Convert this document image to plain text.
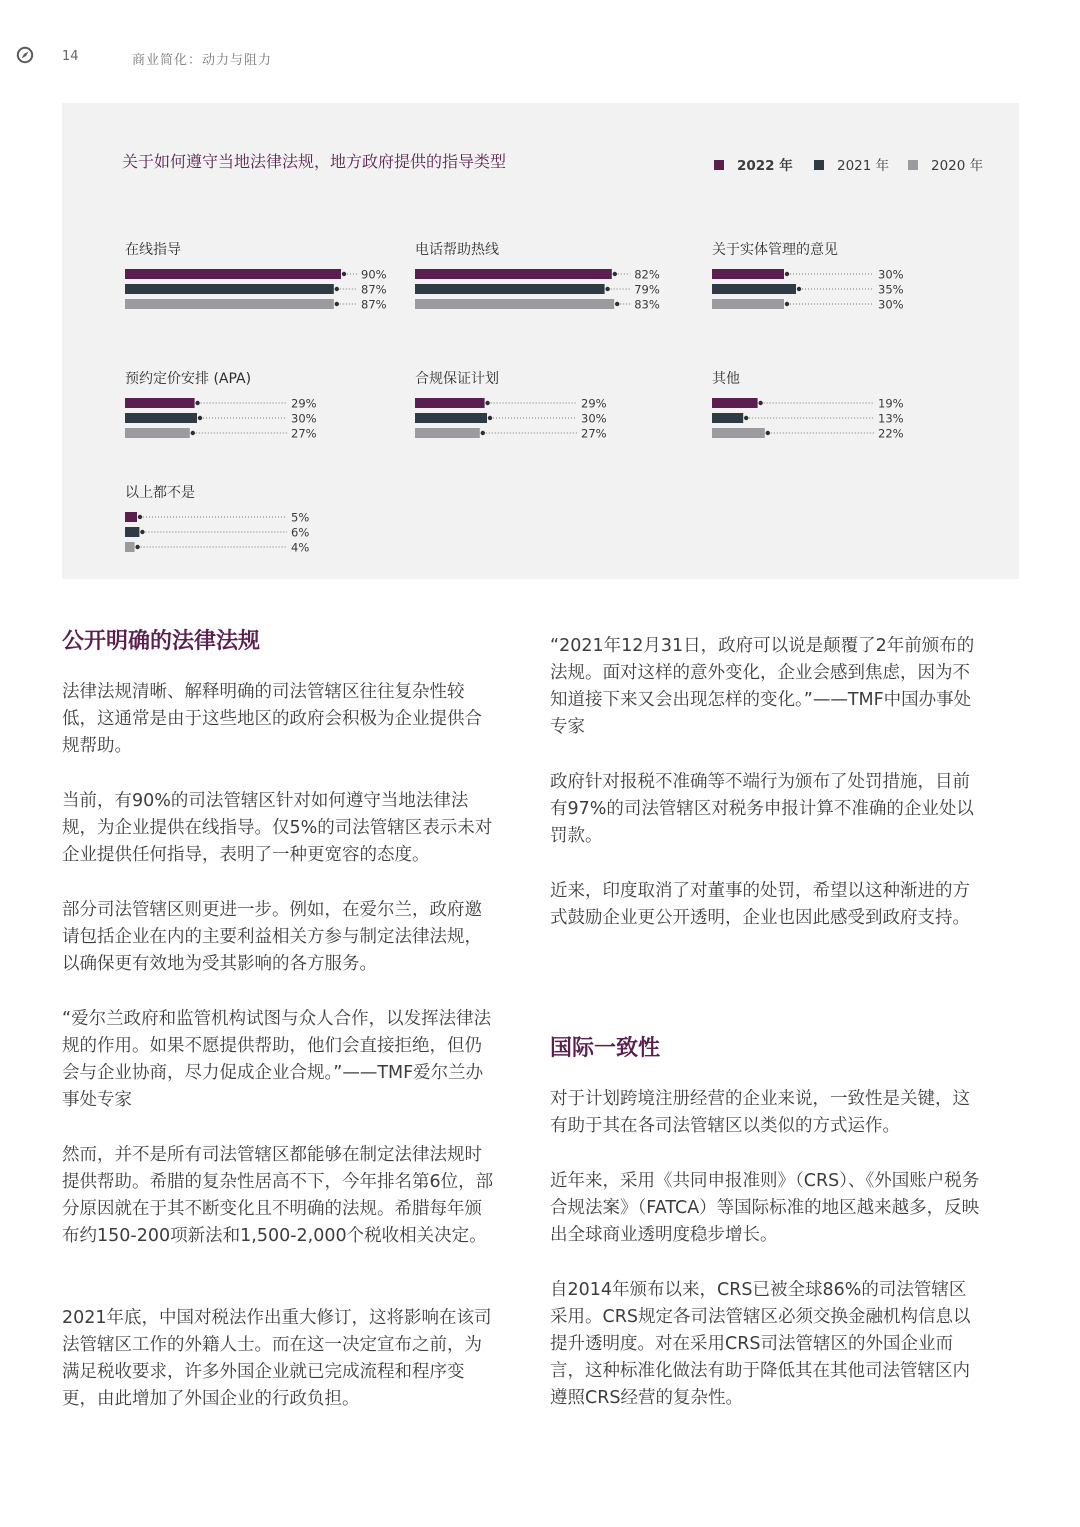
14	商业简化：动力与阻力
关于如何遵守当地法律法规，地方政府提供的指导类型	2022 年	2021 年	2020 年
在线指导
90%
87%
87%
电话帮助热线
82%
79%
83%
关于实体管理的意见
30%
35%
30%
预约定价安排 (APA)
29%
30%
27%
合规保证计划
29%
30%
27%
其他
19%
13%
22%
以上都不是
5%
6%
4%
公开明确的法律法规

法律法规清晰、解释明确的司法管辖区往往复杂性较低，这通常是由于这些地区的政府会积极为企业提供合规帮助。

当前，有90%的司法管辖区针对如何遵守当地法律法规，为企业提供在线指导。仅5%的司法管辖区表示未对企业提供任何指导，表明了一种更宽容的态度。

部分司法管辖区则更进一步。例如，在爱尔兰，政府邀请包括企业在内的主要利益相关方参与制定法律法规，以确保更有效地为受其影响的各方服务。

“爱尔兰政府和监管机构试图与众人合作，以发挥法律法规的作用。如果不愿提供帮助，他们会直接拒绝，但仍会与企业协商，尽力促成企业合规。”——TMF爱尔兰办事处专家

然而，并不是所有司法管辖区都能够在制定法律法规时提供帮助。希腊的复杂性居高不下，今年排名第6位，部分原因就在于其不断变化且不明确的法规。希腊每年颁布约150-200项新法和1,500-2,000个税收相关决定。

2021年底，中国对税法作出重大修订，这将影响在该司法管辖区工作的外籍人士。而在这一决定宣布之前，为满足税收要求，许多外国企业就已完成流程和程序变更，由此增加了外国企业的行政负担。

“2021年12月31日，政府可以说是颠覆了2年前颁布的法规。面对这样的意外变化，企业会感到焦虑，因为不知道接下来又会出现怎样的变化。”——TMF中国办事处专家

政府针对报税不准确等不端行为颁布了处罚措施，目前有97%的司法管辖区对税务申报计算不准确的企业处以罚款。

近来，印度取消了对董事的处罚，希望以这种渐进的方式鼓励企业更公开透明，企业也因此感受到政府支持。

国际一致性

对于计划跨境注册经营的企业来说，一致性是关键，这有助于其在各司法管辖区以类似的方式运作。

近年来，采用《共同申报准则》（CRS）、《外国账户税务合规法案》（FATCA）等国际标准的地区越来越多，反映出全球商业透明度稳步增长。

自2014年颁布以来，CRS已被全球86%的司法管辖区采用。CRS规定各司法管辖区必须交换金融机构信息以提升透明度。对在采用CRS司法管辖区的外国企业而言，这种标准化做法有助于降低其在其他司法管辖区内遵照CRS经营的复杂性。
